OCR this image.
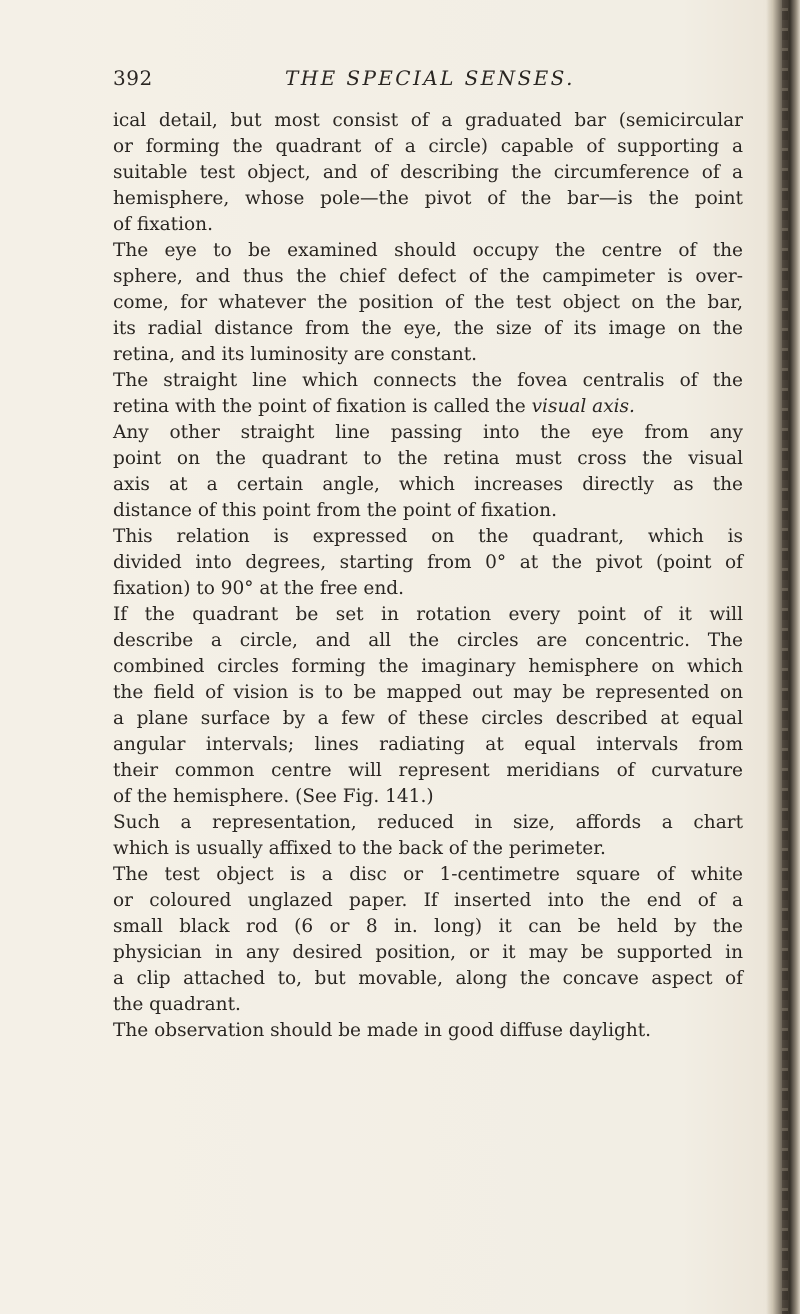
392	THE SPECIAL SENSES.
ical detail, but most consist of a graduated bar (semicircular
or forming the quadrant of a circle) capable of supporting a
suitable test object, and of describing the circumference of a
hemisphere, whose pole—the pivot of the bar—is the point
of fixation.
The eye to be examined should occupy the centre of the
sphere, and thus the chief defect of the campimeter is over-
come, for whatever the position of the test object on the bar,
its radial distance from the eye, the size of its image on the
retina, and its luminosity are constant.
The straight line which connects the fovea centralis of the
retina with the point of fixation is called the visual axis.
Any other straight line passing into the eye from any
point on the quadrant to the retina must cross the visual
axis at a certain angle, which increases directly as the
distance of this point from the point of fixation.
This relation is expressed on the quadrant, which is
divided into degrees, starting from 0° at the pivot (point of
fixation) to 90° at the free end.
If the quadrant be set in rotation every point of it will
describe a circle, and all the circles are concentric. The
combined circles forming the imaginary hemisphere on which
the field of vision is to be mapped out may be represented on
a plane surface by a few of these circles described at equal
angular intervals; lines radiating at equal intervals from
their common centre will represent meridians of curvature
of the hemisphere. (See Fig. 141.)
Such a representation, reduced in size, affords a chart
which is usually affixed to the back of the perimeter.
The test object is a disc or 1-centimetre square of white
or coloured unglazed paper. If inserted into the end of a
small black rod (6 or 8 in. long) it can be held by the
physician in any desired position, or it may be supported in
a clip attached to, but movable, along the concave aspect of
the quadrant.
The observation should be made in good diffuse daylight.
